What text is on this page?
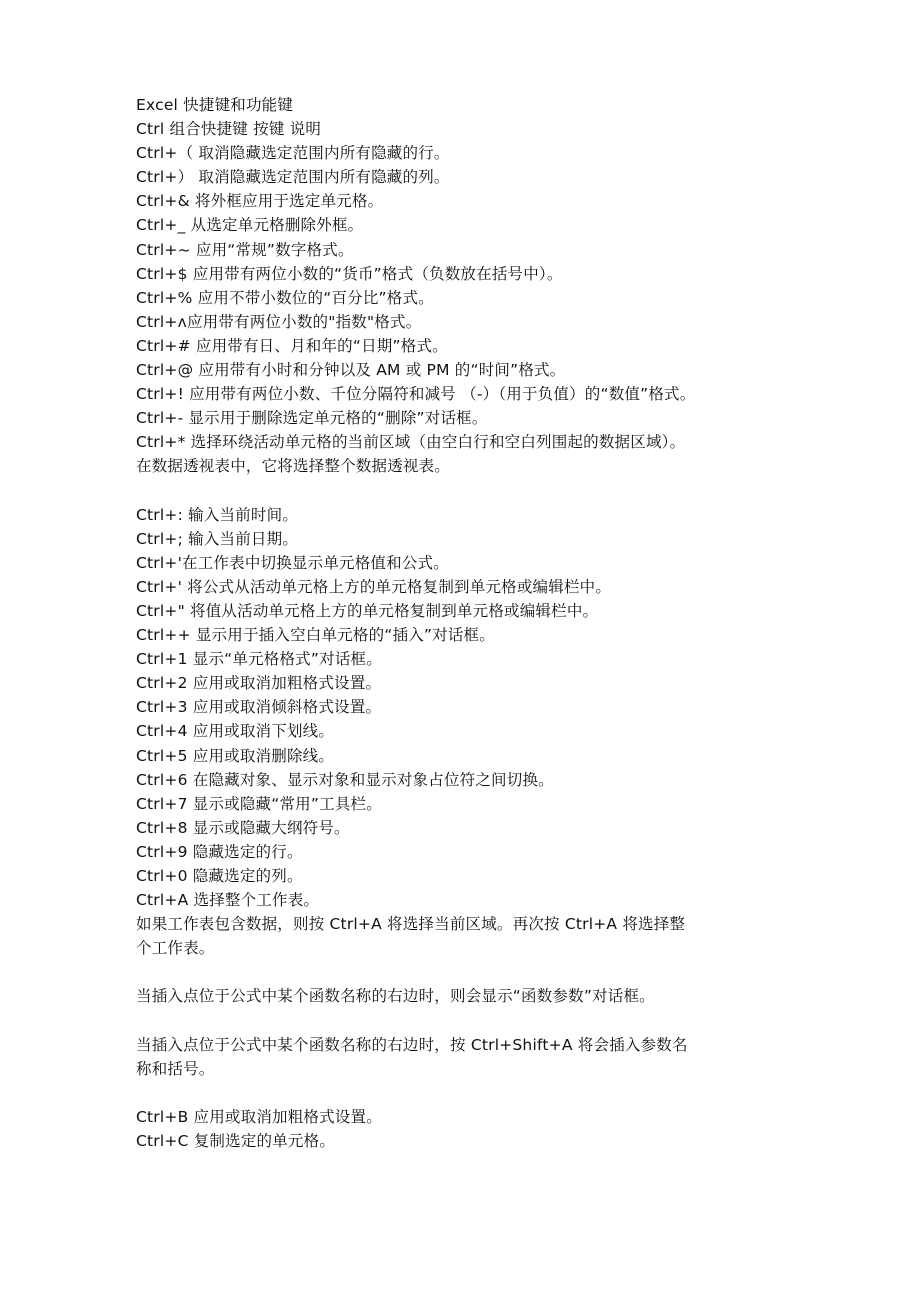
Excel 快捷键和功能键
Ctrl 组合快捷键 按键 说明
Ctrl+（ 取消隐藏选定范围内所有隐藏的行。
Ctrl+） 取消隐藏选定范围内所有隐藏的列。
Ctrl+& 将外框应用于选定单元格。
Ctrl+_ 从选定单元格删除外框。
Ctrl+~ 应用“常规”数字格式。
Ctrl+$ 应用带有两位小数的“货币”格式（负数放在括号中）。
Ctrl+% 应用不带小数位的“百分比”格式。
Ctrl+ʌ应用带有两位小数的"指数"格式。
Ctrl+# 应用带有日、月和年的“日期”格式。
Ctrl+@ 应用带有小时和分钟以及 AM 或 PM 的“时间”格式。
Ctrl+! 应用带有两位小数、千位分隔符和减号 （-）（用于负值）的“数值”格式。
Ctrl+- 显示用于删除选定单元格的“删除”对话框。
Ctrl+* 选择环绕活动单元格的当前区域（由空白行和空白列围起的数据区域）。
在数据透视表中，它将选择整个数据透视表。
Ctrl+: 输入当前时间。
Ctrl+; 输入当前日期。
Ctrl+'在工作表中切换显示单元格值和公式。
Ctrl+' 将公式从活动单元格上方的单元格复制到单元格或编辑栏中。
Ctrl+" 将值从活动单元格上方的单元格复制到单元格或编辑栏中。
Ctrl++ 显示用于插入空白单元格的“插入”对话框。
Ctrl+1 显示“单元格格式”对话框。
Ctrl+2 应用或取消加粗格式设置。
Ctrl+3 应用或取消倾斜格式设置。
Ctrl+4 应用或取消下划线。
Ctrl+5 应用或取消删除线。
Ctrl+6 在隐藏对象、显示对象和显示对象占位符之间切换。
Ctrl+7 显示或隐藏“常用”工具栏。
Ctrl+8 显示或隐藏大纲符号。
Ctrl+9 隐藏选定的行。
Ctrl+0 隐藏选定的列。
Ctrl+A 选择整个工作表。
如果工作表包含数据，则按 Ctrl+A 将选择当前区域。再次按 Ctrl+A 将选择整
个工作表。
当插入点位于公式中某个函数名称的右边时，则会显示“函数参数”对话框。
当插入点位于公式中某个函数名称的右边时，按 Ctrl+Shift+A 将会插入参数名
称和括号。
Ctrl+B 应用或取消加粗格式设置。
Ctrl+C 复制选定的单元格。
